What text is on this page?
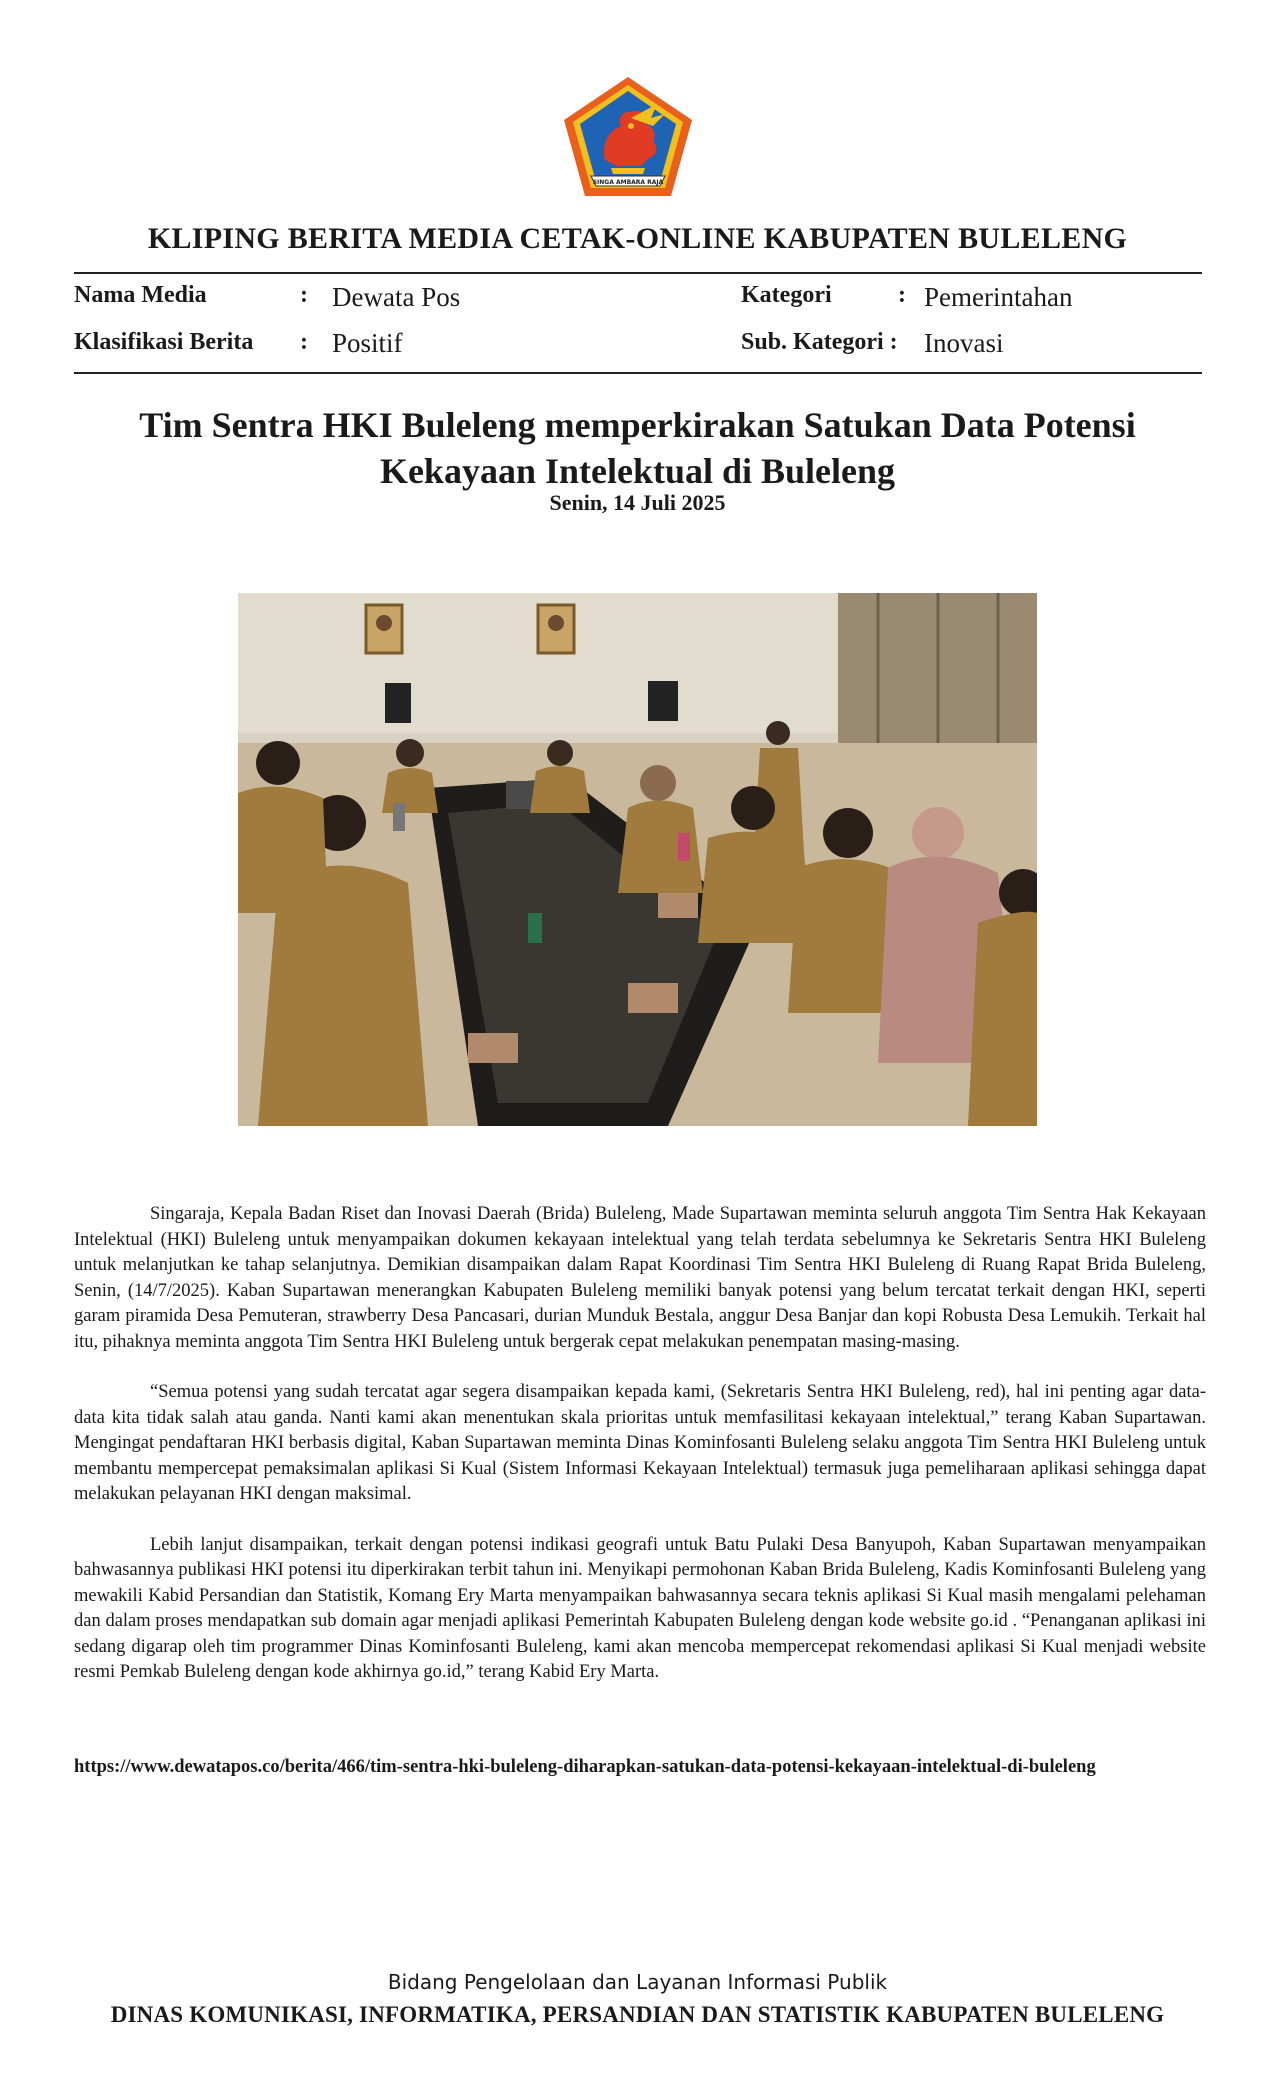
SINGA AMBARA RAJA
KLIPING BERITA MEDIA CETAK-ONLINE KABUPATEN BULELENG
Nama Media	: Dewata Pos	Kategori	: Pemerintahan
Klasifikasi Berita : Positif	Sub. Kategori : Inovasi
Tim Sentra HKI Buleleng memperkirakan Satukan Data Potensi Kekayaan Intelektual di Buleleng
Senin, 14 Juli 2025

Singaraja, Kepala Badan Riset dan Inovasi Daerah (Brida) Buleleng, Made Supartawan meminta seluruh anggota Tim Sentra Hak Kekayaan Intelektual (HKI) Buleleng untuk menyampaikan dokumen kekayaan intelektual yang telah terdata sebelumnya ke Sekretaris Sentra HKI Buleleng untuk melanjutkan ke tahap selanjutnya. Demikian disampaikan dalam Rapat Koordinasi Tim Sentra HKI Buleleng di Ruang Rapat Brida Buleleng, Senin, (14/7/2025). Kaban Supartawan menerangkan Kabupaten Buleleng memiliki banyak potensi yang belum tercatat terkait dengan HKI, seperti garam piramida Desa Pemuteran, strawberry Desa Pancasari, durian Munduk Bestala, anggur Desa Banjar dan kopi Robusta Desa Lemukih. Terkait hal itu, pihaknya meminta anggota Tim Sentra HKI Buleleng untuk bergerak cepat melakukan penempatan masing-masing.

“Semua potensi yang sudah tercatat agar segera disampaikan kepada kami, (Sekretaris Sentra HKI Buleleng, red), hal ini penting agar data-data kita tidak salah atau ganda. Nanti kami akan menentukan skala prioritas untuk memfasilitasi kekayaan intelektual,” terang Kaban Supartawan. Mengingat pendaftaran HKI berbasis digital, Kaban Supartawan meminta Dinas Kominfosanti Buleleng selaku anggota Tim Sentra HKI Buleleng untuk membantu mempercepat pemaksimalan aplikasi Si Kual (Sistem Informasi Kekayaan Intelektual) termasuk juga pemeliharaan aplikasi sehingga dapat melakukan pelayanan HKI dengan maksimal.

Lebih lanjut disampaikan, terkait dengan potensi indikasi geografi untuk Batu Pulaki Desa Banyupoh, Kaban Supartawan menyampaikan bahwasannya publikasi HKI potensi itu diperkirakan terbit tahun ini. Menyikapi permohonan Kaban Brida Buleleng, Kadis Kominfosanti Buleleng yang mewakili Kabid Persandian dan Statistik, Komang Ery Marta menyampaikan bahwasannya secara teknis aplikasi Si Kual masih mengalami pelehaman dan dalam proses mendapatkan sub domain agar menjadi aplikasi Pemerintah Kabupaten Buleleng dengan kode website go.id . “Penanganan aplikasi ini sedang digarap oleh tim programmer Dinas Kominfosanti Buleleng, kami akan mencoba mempercepat rekomendasi aplikasi Si Kual menjadi website resmi Pemkab Buleleng dengan kode akhirnya go.id,” terang Kabid Ery Marta.

https://www.dewatapos.co/berita/466/tim-sentra-hki-buleleng-diharapkan-satukan-data-potensi-kekayaan-intelektual-di-buleleng
Bidang Pengelolaan dan Layanan Informasi Publik
DINAS KOMUNIKASI, INFORMATIKA, PERSANDIAN DAN STATISTIK KABUPATEN BULELENG
